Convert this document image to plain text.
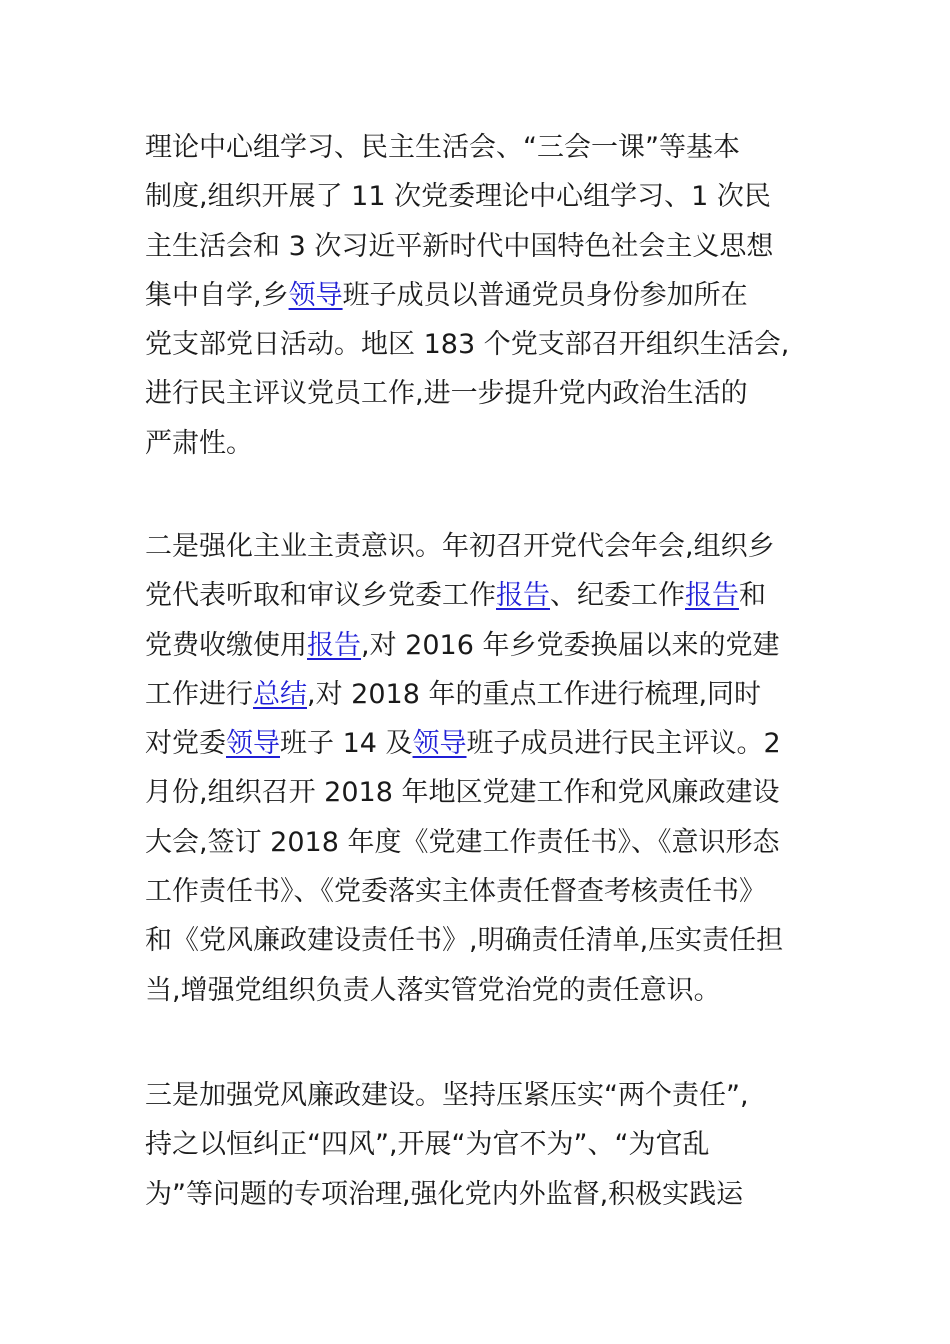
理论中心组学习、民主生活会、“三会一课”等基本
制度,组织开展了 11 次党委理论中心组学习、1 次民
主生活会和 3 次习近平新时代中国特色社会主义思想
集中自学,乡领导班子成员以普通党员身份参加所在
党支部党日活动。地区 183 个党支部召开组织生活会,
进行民主评议党员工作,进一步提升党内政治生活的
严肃性。

二是强化主业主责意识。年初召开党代会年会,组织乡
党代表听取和审议乡党委工作报告、纪委工作报告和
党费收缴使用报告,对 2016 年乡党委换届以来的党建
工作进行总结,对 2018 年的重点工作进行梳理,同时
对党委领导班子 14 及领导班子成员进行民主评议。2
月份,组织召开 2018 年地区党建工作和党风廉政建设
大会,签订 2018 年度《党建工作责任书》、《意识形态
工作责任书》、《党委落实主体责任督查考核责任书》
和《党风廉政建设责任书》,明确责任清单,压实责任担
当,增强党组织负责人落实管党治党的责任意识。

三是加强党风廉政建设。坚持压紧压实“两个责任”,
持之以恒纠正“四风”,开展“为官不为”、“为官乱
为”等问题的专项治理,强化党内外监督,积极实践运
